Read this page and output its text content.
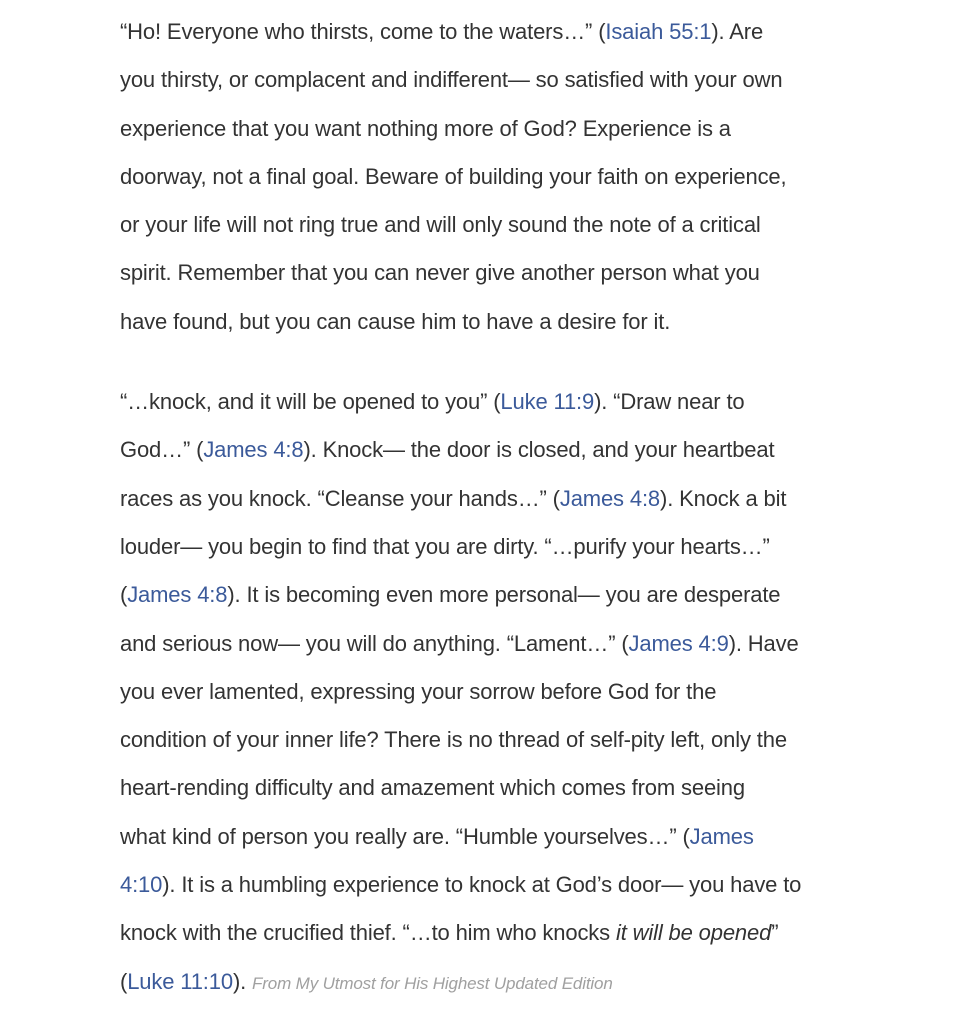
“Ho! Everyone who thirsts, come to the waters…” (Isaiah 55:1). Are
you thirsty, or complacent and indifferent— so satisfied with your own
experience that you want nothing more of God? Experience is a
doorway, not a final goal. Beware of building your faith on experience,
or your life will not ring true and will only sound the note of a critical
spirit. Remember that you can never give another person what you
have found, but you can cause him to have a desire for it.
“…knock, and it will be opened to you” (Luke 11:9). “Draw near to
God…” (James 4:8). Knock— the door is closed, and your heartbeat
races as you knock. “Cleanse your hands…” (James 4:8). Knock a bit
louder— you begin to find that you are dirty. “…purify your hearts…”
(James 4:8). It is becoming even more personal— you are desperate
and serious now— you will do anything. “Lament…” (James 4:9). Have
you ever lamented, expressing your sorrow before God for the
condition of your inner life? There is no thread of self-pity left, only the
heart-rending difficulty and amazement which comes from seeing
what kind of person you really are. “Humble yourselves…” (James
4:10). It is a humbling experience to knock at God’s door— you have to
knock with the crucified thief. “…to him who knocks it will be opened”
(Luke 11:10). From My Utmost for His Highest Updated Edition
